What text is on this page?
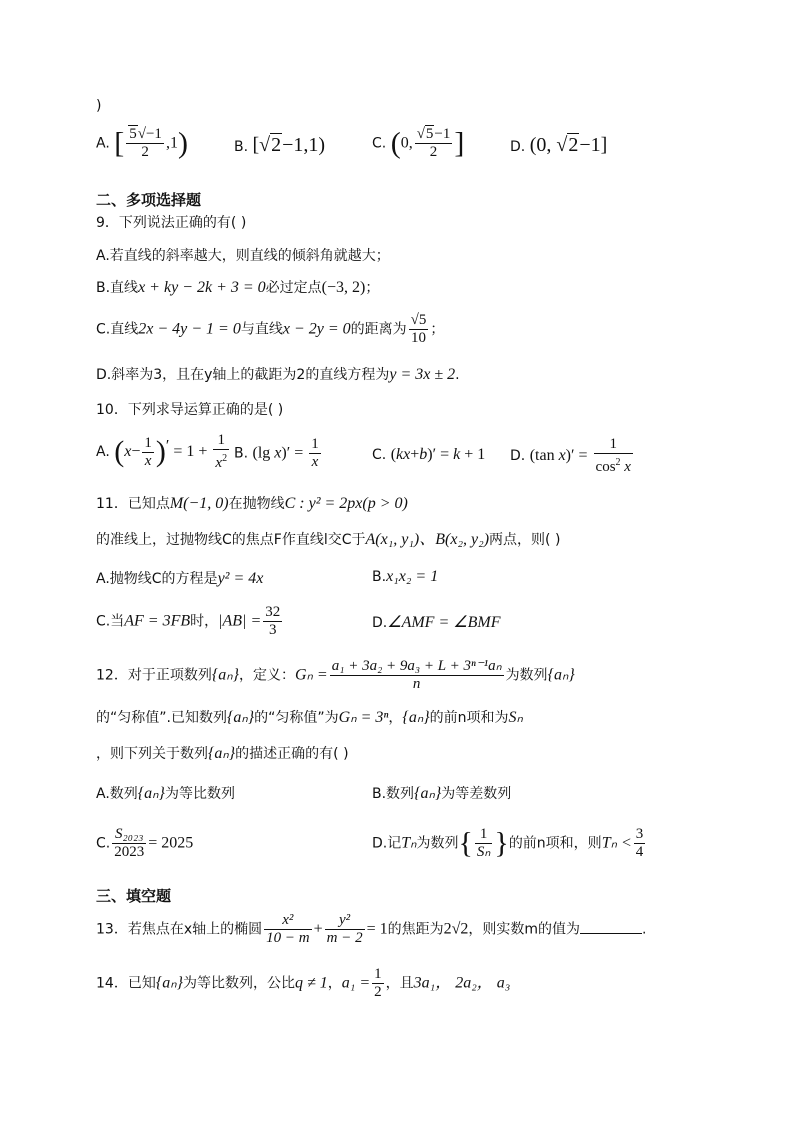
)
A. [ $\frac{5√-1}{2} ,1$)	B. [√2−1,1)	C. (0, $\frac{√5-1}{2}$ ]	D. (0, √2−1]
二、多项选择题
9．下列说法正确的有( )
A.若直线的斜率越大，则直线的倾斜角就越大；
B.直线x + ky − 2k + 3 = 0必过定点(−3, 2)；
C.直线2x − 4y − 1 = 0与直线x − 2y = 0的距离为 $\frac{√5}{10}$ ；
D.斜率为3，且在y轴上的截距为2的直线方程为y = 3x ± 2.
10．下列求导运算正确的是( )
A. $(x- \frac{1}{x} )' = 1 + \frac{1}{x^2} B$. (lg $x)' = \frac{1}{x}$	C. (kx+b)′ = k + 1 D. (tan $x)' = \frac{1}{\cos^2 x}$
11．已知点M(−1, 0)在抛物线C : y² = 2px(p > 0)
的准线上，过抛物线C的焦点F作直线l交C于A(x₁, y₁)、B(x₂, y₂)两点，则( )
A.抛物线C的方程是y² = 4x	B.x₁x₂ = 1
C.当AF = 3FB时，$|AB| = \frac{32}{3}$	D.∠AMF = ∠BMF
12．对于正项数列{aₙ}，定义：$G_n = \frac{\text{a₁ + 3a₂ + 9a₃ + L + 3ⁿ⁻¹aₙ}}{n}$ 为数列{aₙ}
的“匀称值”.已知数列{aₙ}的“匀称值”为Gₙ = 3ⁿ，{aₙ}的前n项和为Sₙ
，则下列关于数列{aₙ}的描述正确的有( )
A.数列{aₙ}为等比数列	B.数列{aₙ}为等差数列
C. $\frac{\text{S₂₀₂₃}}{2023} = 2025$	D.记Tₙ为数列{ $\frac{1}{\text{Sₙ}}$ }的前n项和，则$T_n < \frac{3}{4}$
三、填空题
13．若焦点在x轴上的椭圆 $\frac{\text{x²}}{10 - m} + \frac{\text{y²}}{m - 2} = 1$的焦距为2√2，则实数m的值为	.
14．已知{aₙ}为等比数列，公比q ≠ 1，$a_1 = \frac{1}{2}$ ，且3a₁， 2a₂， a₃
